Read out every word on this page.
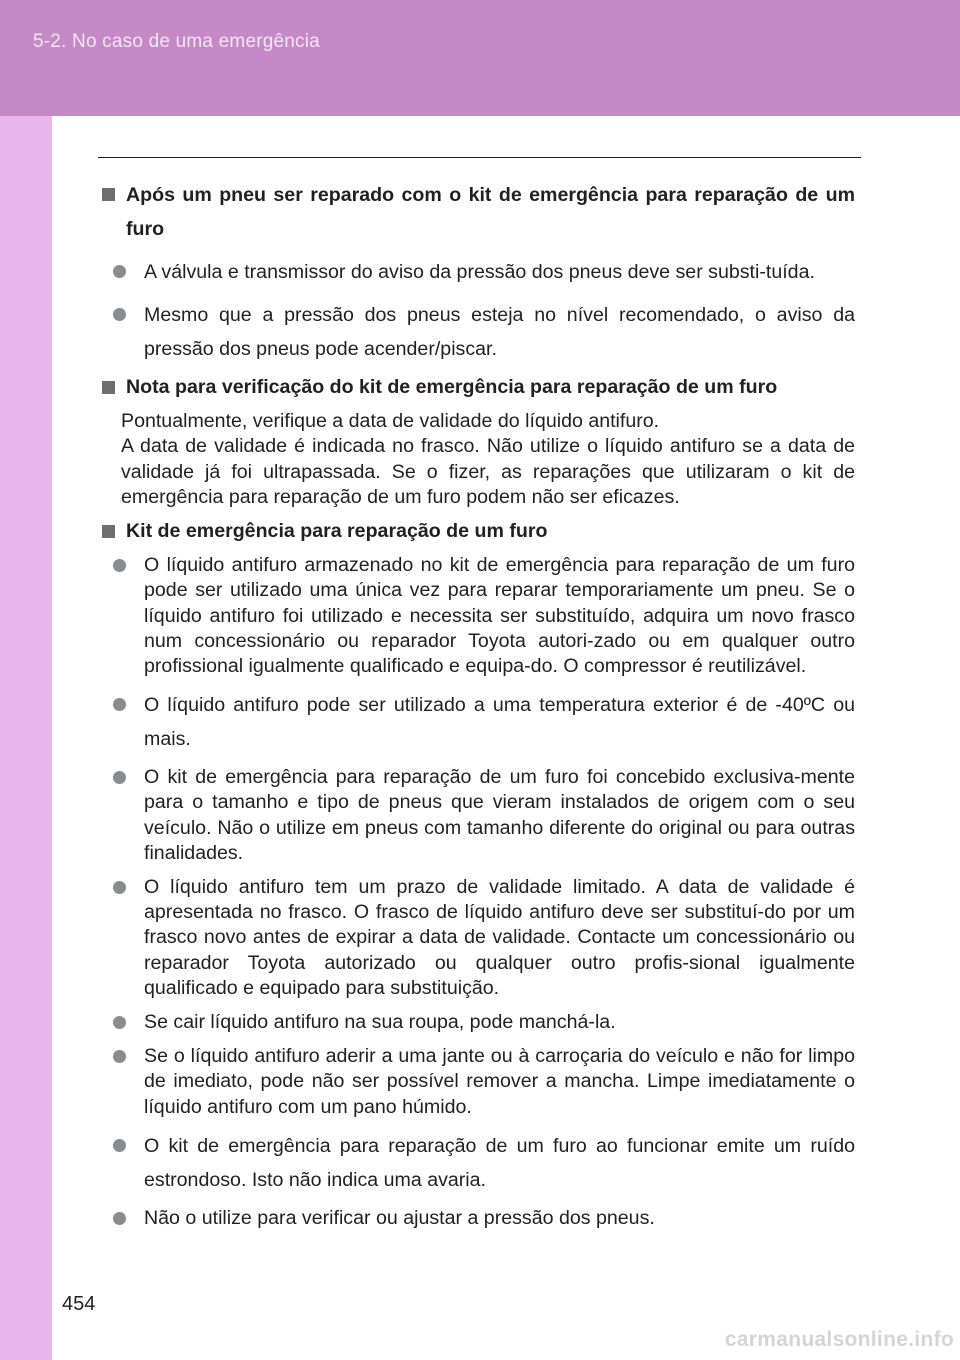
5-2. No caso de uma emergência
Após um pneu ser reparado com o kit de emergência para reparação de um furo
A válvula e transmissor do aviso da pressão dos pneus deve ser substi-tuída.
Mesmo que a pressão dos pneus esteja no nível recomendado, o aviso da pressão dos pneus pode acender/piscar.
Nota para verificação do kit de emergência para reparação de um furo
Pontualmente, verifique a data de validade do líquido antifuro.
A data de validade é indicada no frasco. Não utilize o líquido antifuro se a data de validade já foi ultrapassada. Se o fizer, as reparações que utilizaram o kit de emergência para reparação de um furo podem não ser eficazes.
Kit de emergência para reparação de um furo
O líquido antifuro armazenado no kit de emergência para reparação de um furo pode ser utilizado uma única vez para reparar temporariamente um pneu. Se o líquido antifuro foi utilizado e necessita ser substituído, adquira um novo frasco num concessionário ou reparador Toyota autori-zado ou em qualquer outro profissional igualmente qualificado e equipa-do. O compressor é reutilizável.
O líquido antifuro pode ser utilizado a uma temperatura exterior é de -40ºC ou mais.
O kit de emergência para reparação de um furo foi concebido exclusiva-mente para o tamanho e tipo de pneus que vieram instalados de origem com o seu veículo. Não o utilize em pneus com tamanho diferente do original ou para outras finalidades.
O líquido antifuro tem um prazo de validade limitado. A data de validade é apresentada no frasco. O frasco de líquido antifuro deve ser substituí-do por um frasco novo antes de expirar a data de validade. Contacte um concessionário ou reparador Toyota autorizado ou qualquer outro profis-sional igualmente qualificado e equipado para substituição.
Se cair líquido antifuro na sua roupa, pode manchá-la.
Se o líquido antifuro aderir a uma jante ou à carroçaria do veículo e não for limpo de imediato, pode não ser possível remover a mancha. Limpe imediatamente o líquido antifuro com um pano húmido.
O kit de emergência para reparação de um furo ao funcionar emite um ruído estrondoso. Isto não indica uma avaria.
Não o utilize para verificar ou ajustar a pressão dos pneus.
454
carmanualsonline.info
